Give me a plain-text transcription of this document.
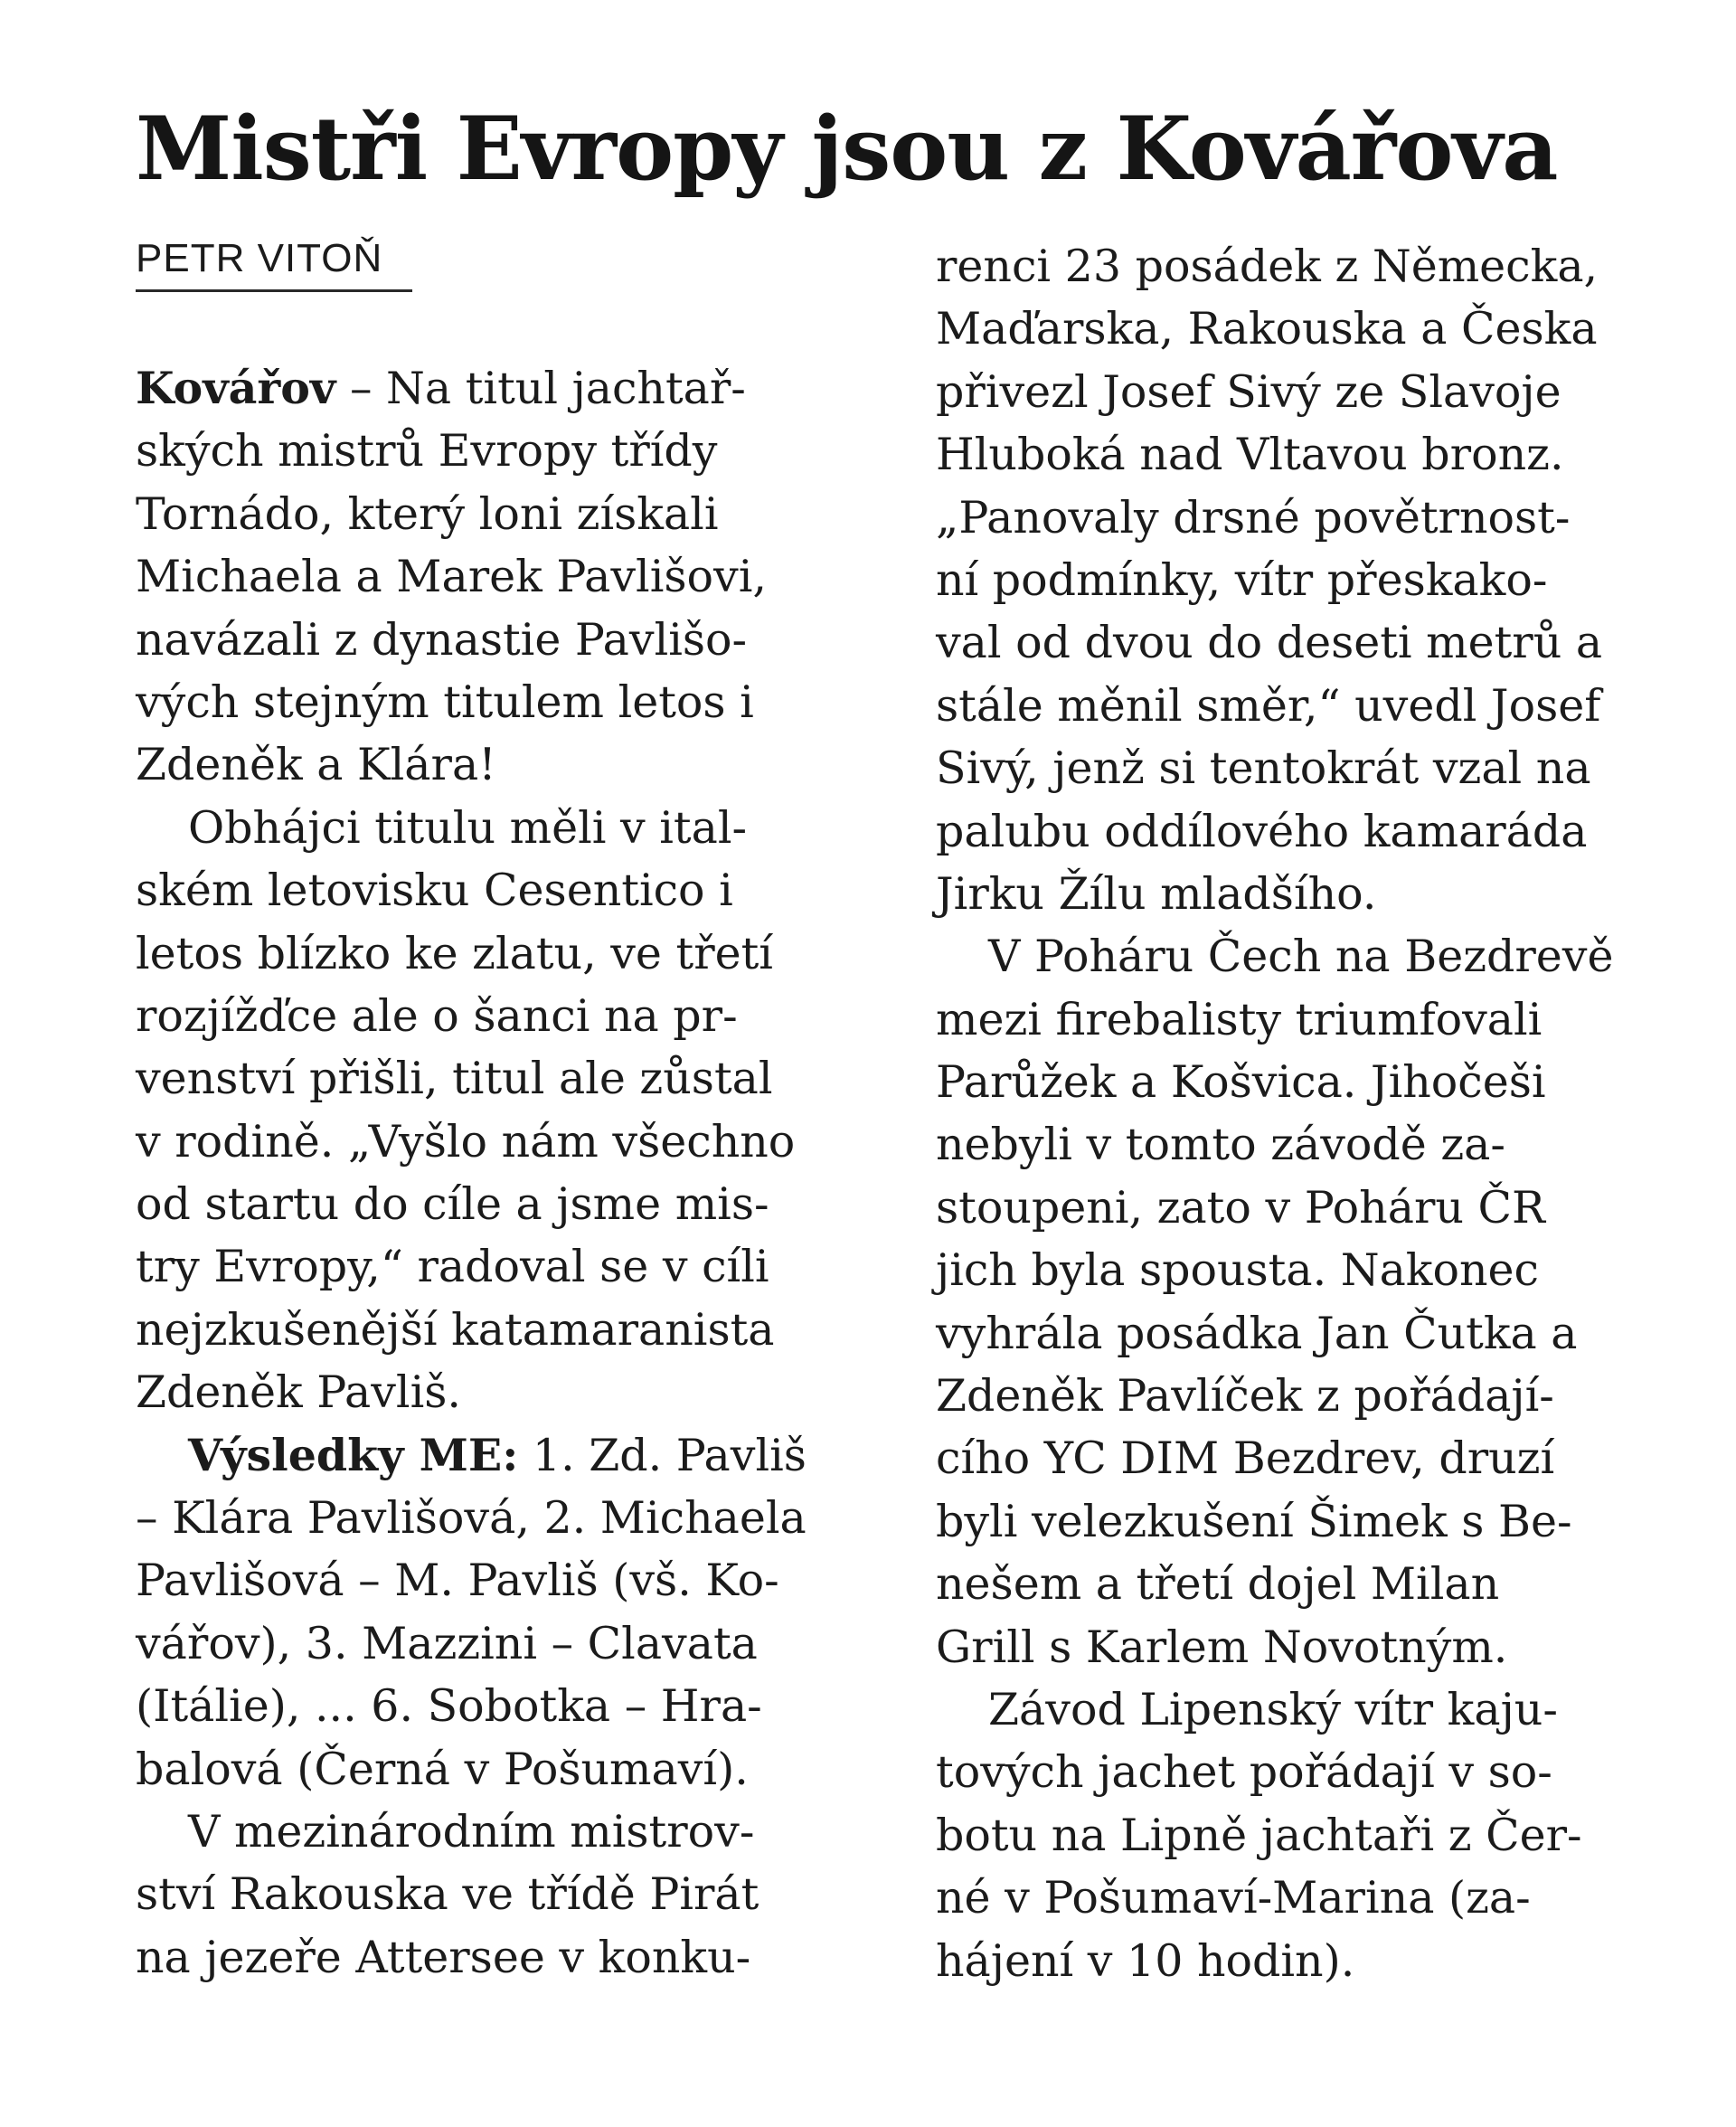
Mistři Evropy jsou z Kovářova
PETR VITOŇ
Kovářov – Na titul jachtař-
ských mistrů Evropy třídy
Tornádo, který loni získali
Michaela a Marek Pavlišovi,
navázali z dynastie Pavlišo-
vých stejným titulem letos i
Zdeněk a Klára!
Obhájci titulu měli v ital-
ském letovisku Cesentico i
letos blízko ke zlatu, ve třetí
rozjížďce ale o šanci na pr-
venství přišli, titul ale zůstal
v rodině. „Vyšlo nám všechno
od startu do cíle a jsme mis-
try Evropy,“ radoval se v cíli
nejzkušenější katamaranista
Zdeněk Pavliš.
Výsledky ME: 1. Zd. Pavliš
– Klára Pavlišová, 2. Michaela
Pavlišová – M. Pavliš (vš. Ko-
vářov), 3. Mazzini – Clavata
(Itálie), ... 6. Sobotka – Hra-
balová (Černá v Pošumaví).
V mezinárodním mistrov-
ství Rakouska ve třídě Pirát
na jezeře Attersee v konku-
renci 23 posádek z Německa,
Maďarska, Rakouska a Česka
přivezl Josef Sivý ze Slavoje
Hluboká nad Vltavou bronz.
„Panovaly drsné povětrnost-
ní podmínky, vítr přeskako-
val od dvou do deseti metrů a
stále měnil směr,“ uvedl Josef
Sivý, jenž si tentokrát vzal na
palubu oddílového kamaráda
Jirku Žílu mladšího.
V Poháru Čech na Bezdrevě
mezi firebalisty triumfovali
Parůžek a Košvica. Jihočeši
nebyli v tomto závodě za-
stoupeni, zato v Poháru ČR
jich byla spousta. Nakonec
vyhrála posádka Jan Čutka a
Zdeněk Pavlíček z pořádají-
cího YC DIM Bezdrev, druzí
byli velezkušení Šimek s Be-
nešem a třetí dojel Milan
Grill s Karlem Novotným.
Závod Lipenský vítr kaju-
tových jachet pořádají v so-
botu na Lipně jachtaři z Čer-
né v Pošumaví-Marina (za-
hájení v 10 hodin).
